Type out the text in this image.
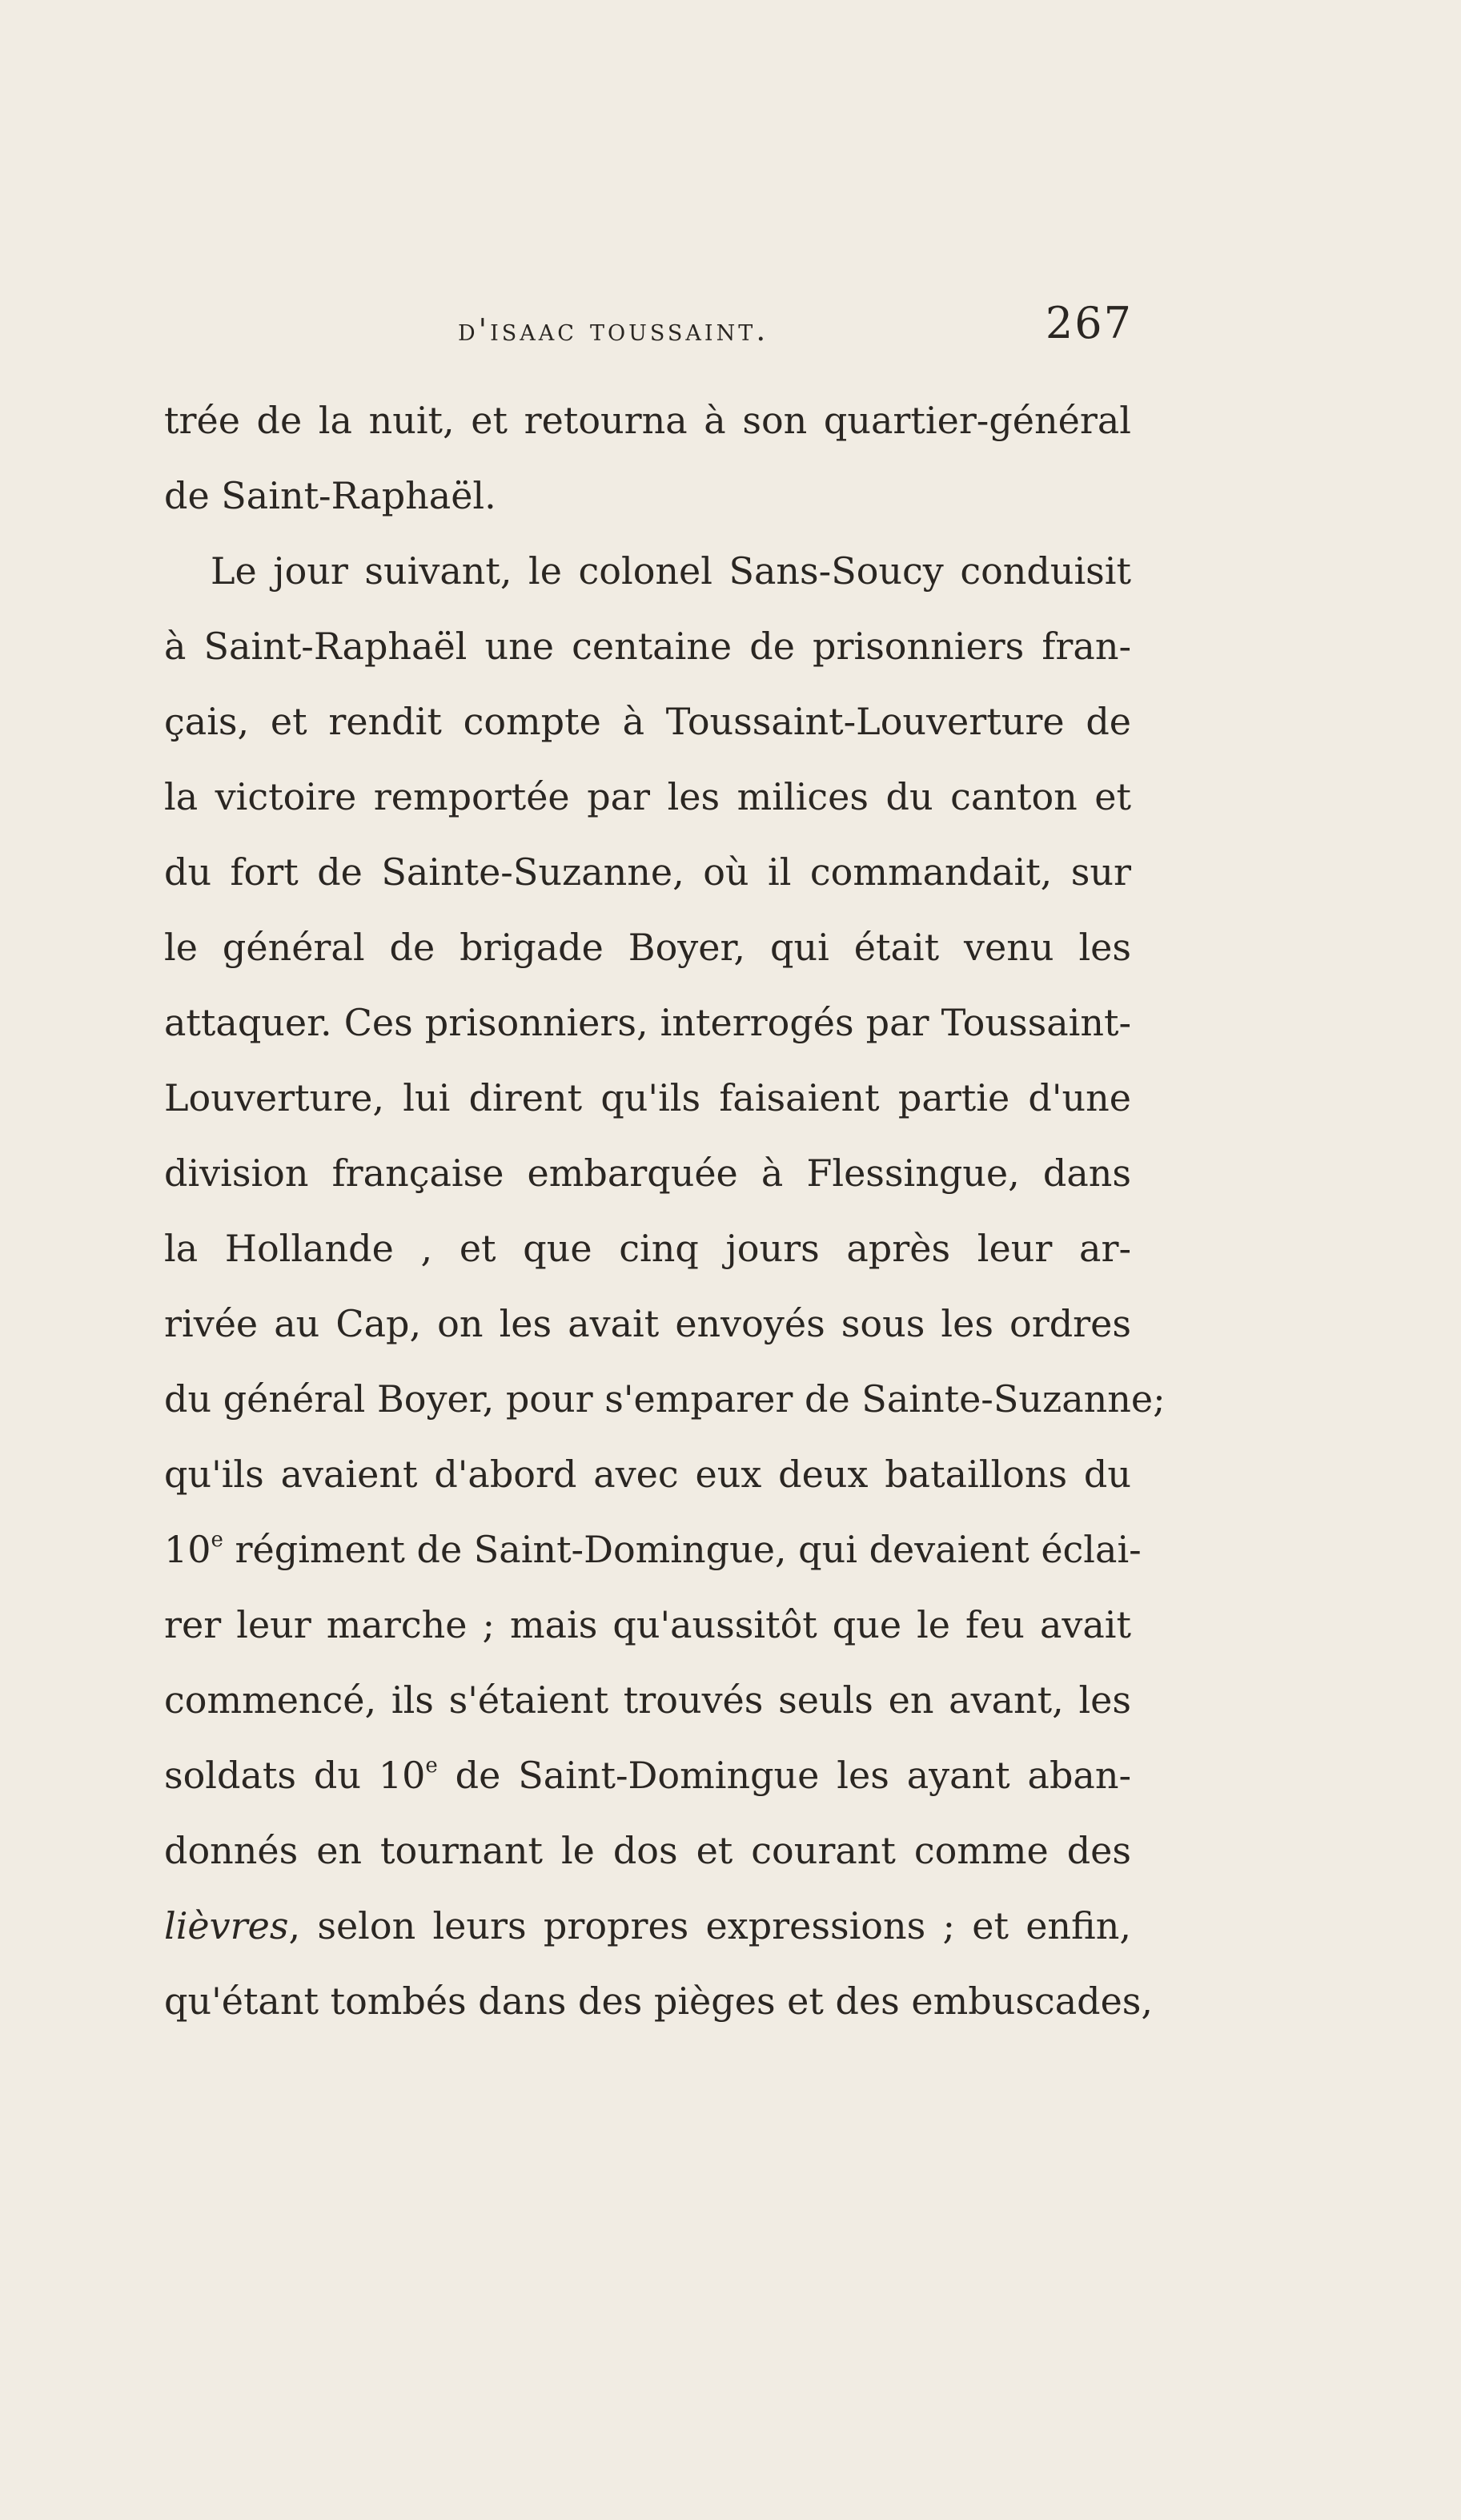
d'isaac toussaint.	267
trée de la nuit, et retourna à son quartier-général
de Saint-Raphaël.
Le jour suivant, le colonel Sans-Soucy conduisit
à Saint-Raphaël une centaine de prisonniers fran-
çais, et rendit compte à Toussaint-Louverture de
la victoire remportée par les milices du canton et
du fort de Sainte-Suzanne, où il commandait, sur
le général de brigade Boyer, qui était venu les
attaquer. Ces prisonniers, interrogés par Toussaint-
Louverture, lui dirent qu'ils faisaient partie d'une
division française embarquée à Flessingue, dans
la Hollande , et que cinq jours après leur ar-
rivée au Cap, on les avait envoyés sous les ordres
du général Boyer, pour s'emparer de Sainte-Suzanne;
qu'ils avaient d'abord avec eux deux bataillons du
10e régiment de Saint-Domingue, qui devaient éclai-
rer leur marche ; mais qu'aussitôt que le feu avait
commencé, ils s'étaient trouvés seuls en avant, les
soldats du 10e de Saint-Domingue les ayant aban-
donnés en tournant le dos et courant comme des
lièvres, selon leurs propres expressions ; et enfin,
qu'étant tombés dans des pièges et des embuscades,
